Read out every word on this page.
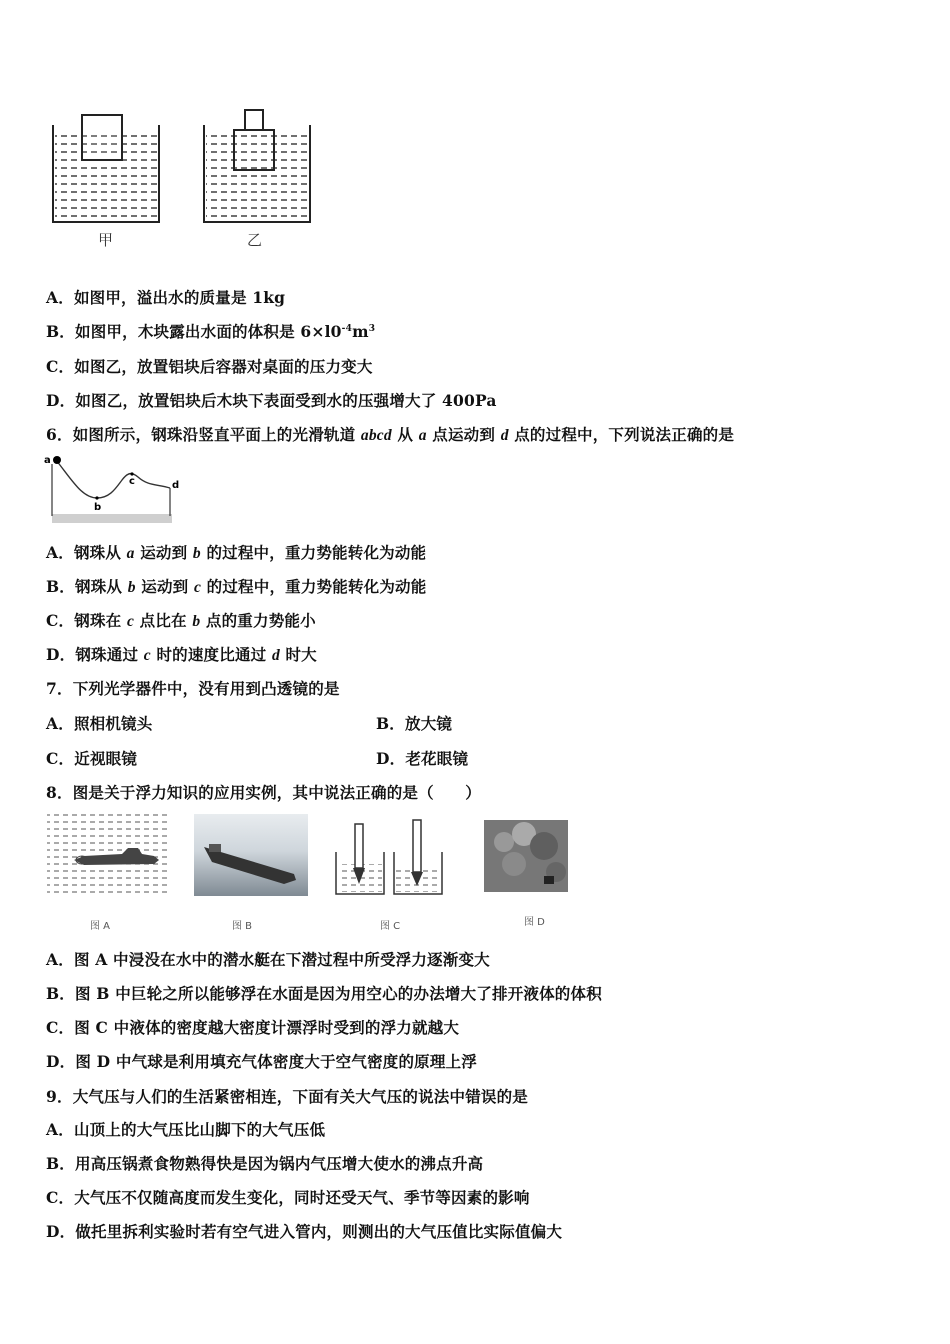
甲	乙
A．如图甲，溢出水的质量是 1kg
B．如图甲，木块露出水面的体积是 $6\times l0^{-4}m^3$
C．如图乙，放置铝块后容器对桌面的压力变大
D．如图乙，放置铝块后木块下表面受到水的压强增大了 400Pa
6．如图所示，钢珠沿竖直平面上的光滑轨道 abcd 从 a 点运动到 d 点的过程中，下列说法正确的是
a
b
c	d
A．钢珠从 a 运动到 b 的过程中，重力势能转化为动能
B．钢珠从 b 运动到 c 的过程中，重力势能转化为动能
C．钢珠在 c 点比在 b 点的重力势能小
D．钢珠通过 c 时的速度比通过 d 时大
7．下列光学器件中，没有用到凸透镜的是
A．照相机镜头	B．放大镜
C．近视眼镜	D．老花眼镜
8．图是关于浮力知识的应用实例，其中说法正确的是（　　）
图 A	图 B	图 C	图 D
A．图 A 中浸没在水中的潜水艇在下潜过程中所受浮力逐渐变大
B．图 B 中巨轮之所以能够浮在水面是因为用空心的办法增大了排开液体的体积
C．图 C 中液体的密度越大密度计漂浮时受到的浮力就越大
D．图 D 中气球是利用填充气体密度大于空气密度的原理上浮
9．大气压与人们的生活紧密相连，下面有关大气压的说法中错误的是
A．山顶上的大气压比山脚下的大气压低
B．用高压锅煮食物熟得快是因为锅内气压增大使水的沸点升高
C．大气压不仅随高度而发生变化，同时还受天气、季节等因素的影响
D．做托里拆利实验时若有空气进入管内，则测出的大气压值比实际值偏大
